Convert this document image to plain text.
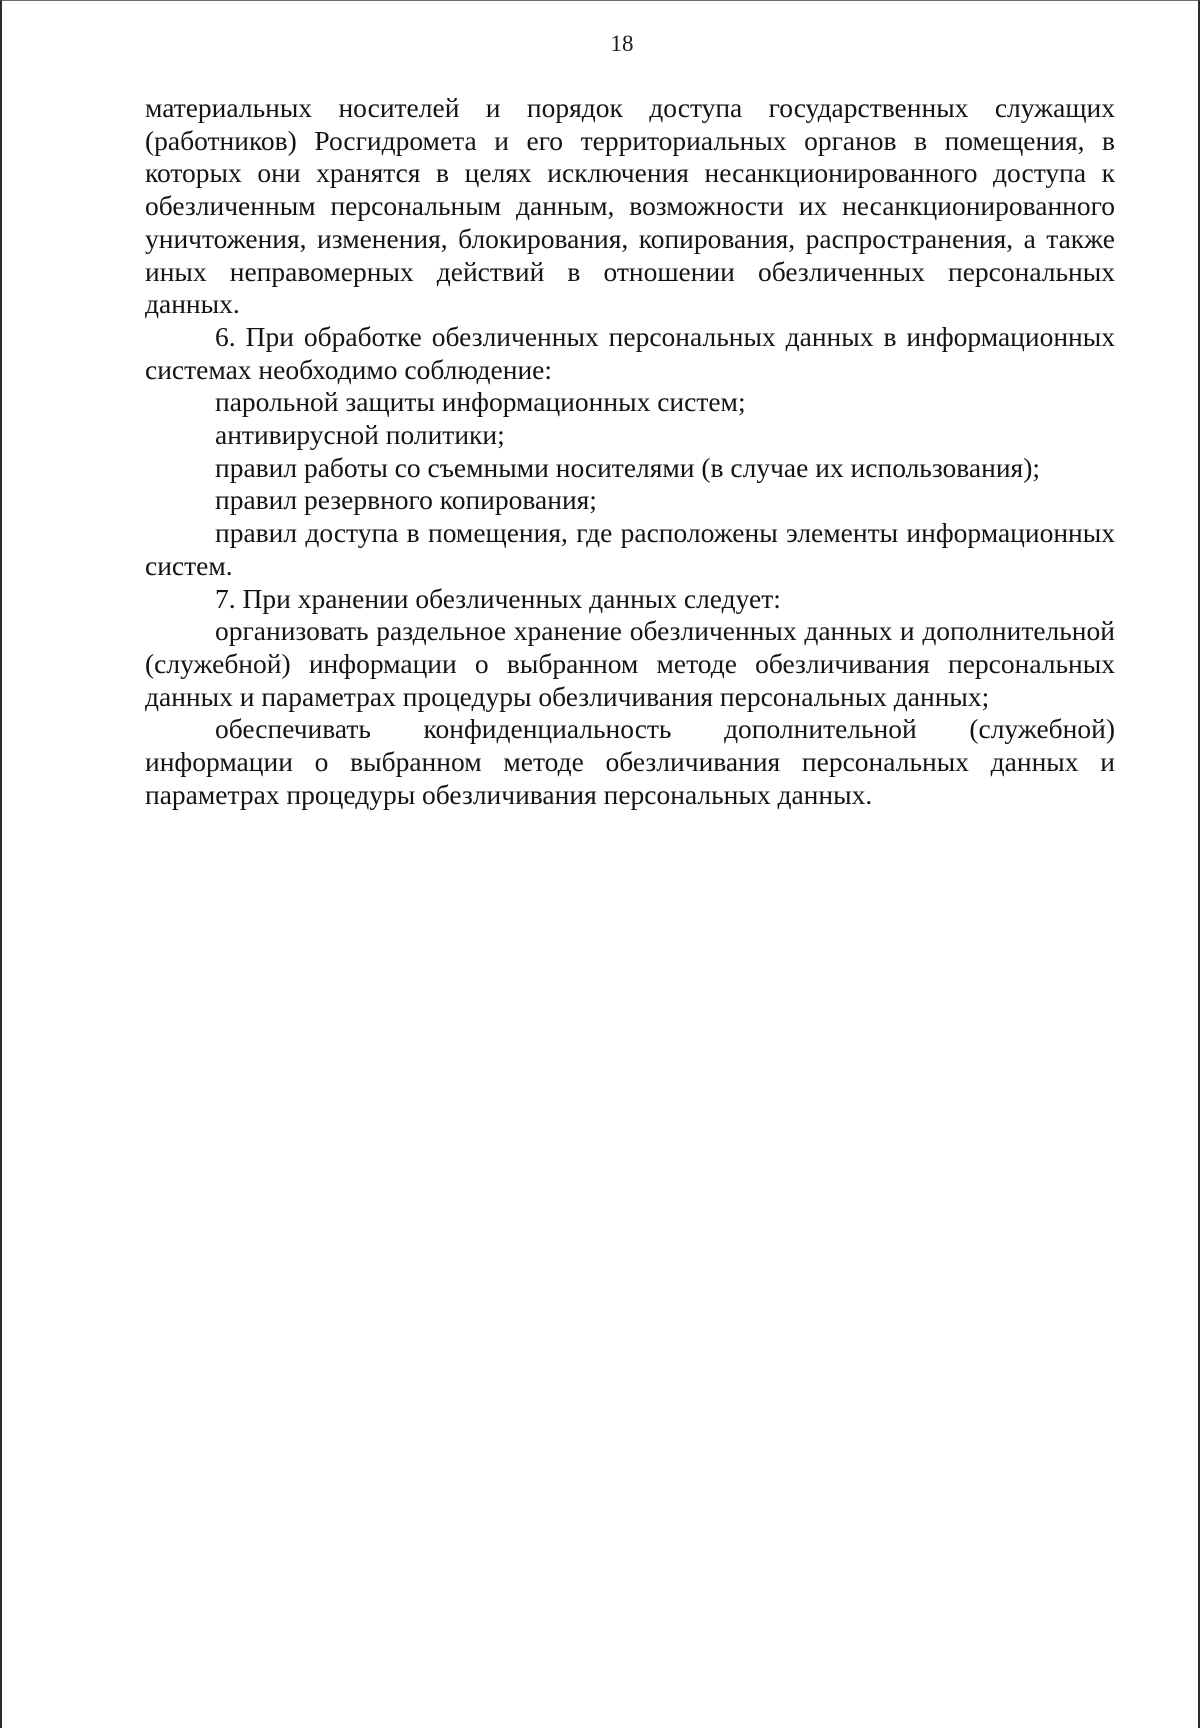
18

материальных носителей и порядок доступа государственных служащих (работников) Росгидромета и его территориальных органов в помещения, в которых они хранятся в целях исключения несанкционированного доступа к обезличенным персональным данным, возможности их несанкционированного уничтожения, изменения, блокирования, копирования, распространения, а также иных неправомерных действий в отношении обезличенных персональных данных.

6. При обработке обезличенных персональных данных в информационных системах необходимо соблюдение:

парольной защиты информационных систем;

антивирусной политики;

правил работы со съемными носителями (в случае их использования);

правил резервного копирования;

правил доступа в помещения, где расположены элементы информационных систем.

7. При хранении обезличенных данных следует:

организовать раздельное хранение обезличенных данных и дополнительной (служебной) информации о выбранном методе обезличивания персональных данных и параметрах процедуры обезличивания персональных данных;

обеспечивать конфиденциальность дополнительной (служебной) информации о выбранном методе обезличивания персональных данных и параметрах процедуры обезличивания персональных данных.
